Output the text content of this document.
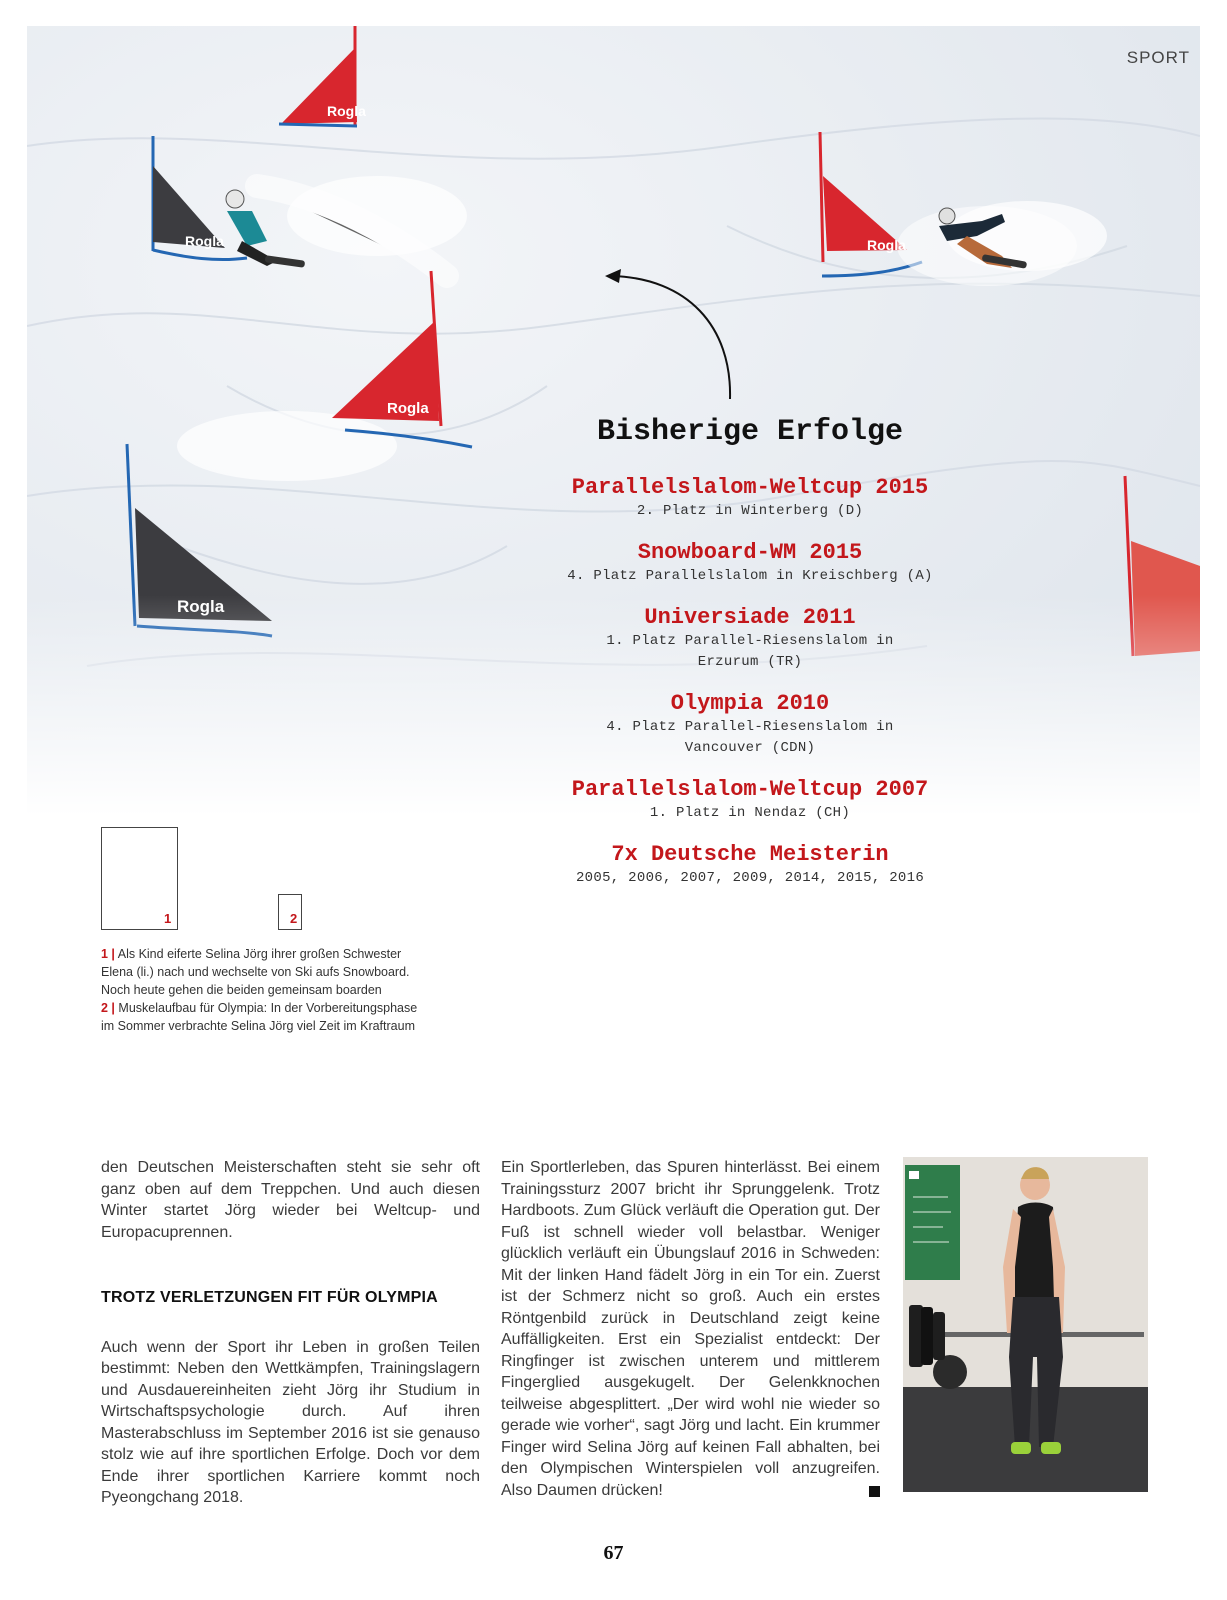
SPORT
Bisherige Erfolge
Parallelslalom-Weltcup 2015
2. Platz in Winterberg (D)
Snowboard-WM 2015
4. Platz Parallelslalom in Kreischberg (A)
Universiade 2011
1. Platz Parallel-Riesenslalom in Erzurum (TR)
Olympia 2010
4. Platz Parallel-Riesenslalom in Vancouver (CDN)
Parallelslalom-Weltcup 2007
1. Platz in Nendaz (CH)
7x Deutsche Meisterin
2005, 2006, 2007, 2009, 2014, 2015, 2016
1	2
1 | Als Kind eiferte Selina Jörg ihrer großen Schwester Elena (li.) nach und wechselte von Ski aufs Snowboard. Noch heute gehen die beiden gemeinsam boarden
2 | Muskelaufbau für Olympia: In der Vorbereitungsphase im Sommer verbrachte Selina Jörg viel Zeit im Kraftraum

den Deutschen Meisterschaften steht sie sehr oft ganz oben auf dem Treppchen. Und auch diesen Winter startet Jörg wieder bei Weltcup- und Europacuprennen.

TROTZ VERLETZUNGEN FIT FÜR OLYMPIA

Auch wenn der Sport ihr Leben in großen Teilen bestimmt: Neben den Wettkämpfen, Trainingslagern und Ausdauereinheiten zieht Jörg ihr Studium in Wirtschaftspsychologie durch. Auf ihren Masterabschluss im September 2016 ist sie genauso stolz wie auf ihre sportlichen Erfolge. Doch vor dem Ende ihrer sportlichen Karriere kommt noch Pyeongchang 2018.

Ein Sportlerleben, das Spuren hinterlässt. Bei einem Trainingssturz 2007 bricht ihr Sprunggelenk. Trotz Hardboots. Zum Glück verläuft die Operation gut. Der Fuß ist schnell wieder voll belastbar. Weniger glücklich verläuft ein Übungslauf 2016 in Schweden: Mit der linken Hand fädelt Jörg in ein Tor ein. Zuerst ist der Schmerz nicht so groß. Auch ein erstes Röntgenbild zurück in Deutschland zeigt keine Auffälligkeiten. Erst ein Spezialist entdeckt: Der Ringfinger ist zwischen unterem und mittlerem Fingerglied ausgekugelt. Der Gelenkknochen teilweise abgesplittert. „Der wird wohl nie wieder so gerade wie vorher“, sagt Jörg und lacht. Ein krummer Finger wird Selina Jörg auf keinen Fall abhalten, bei den Olympischen Winterspielen voll anzugreifen. Also Daumen drücken!

67
